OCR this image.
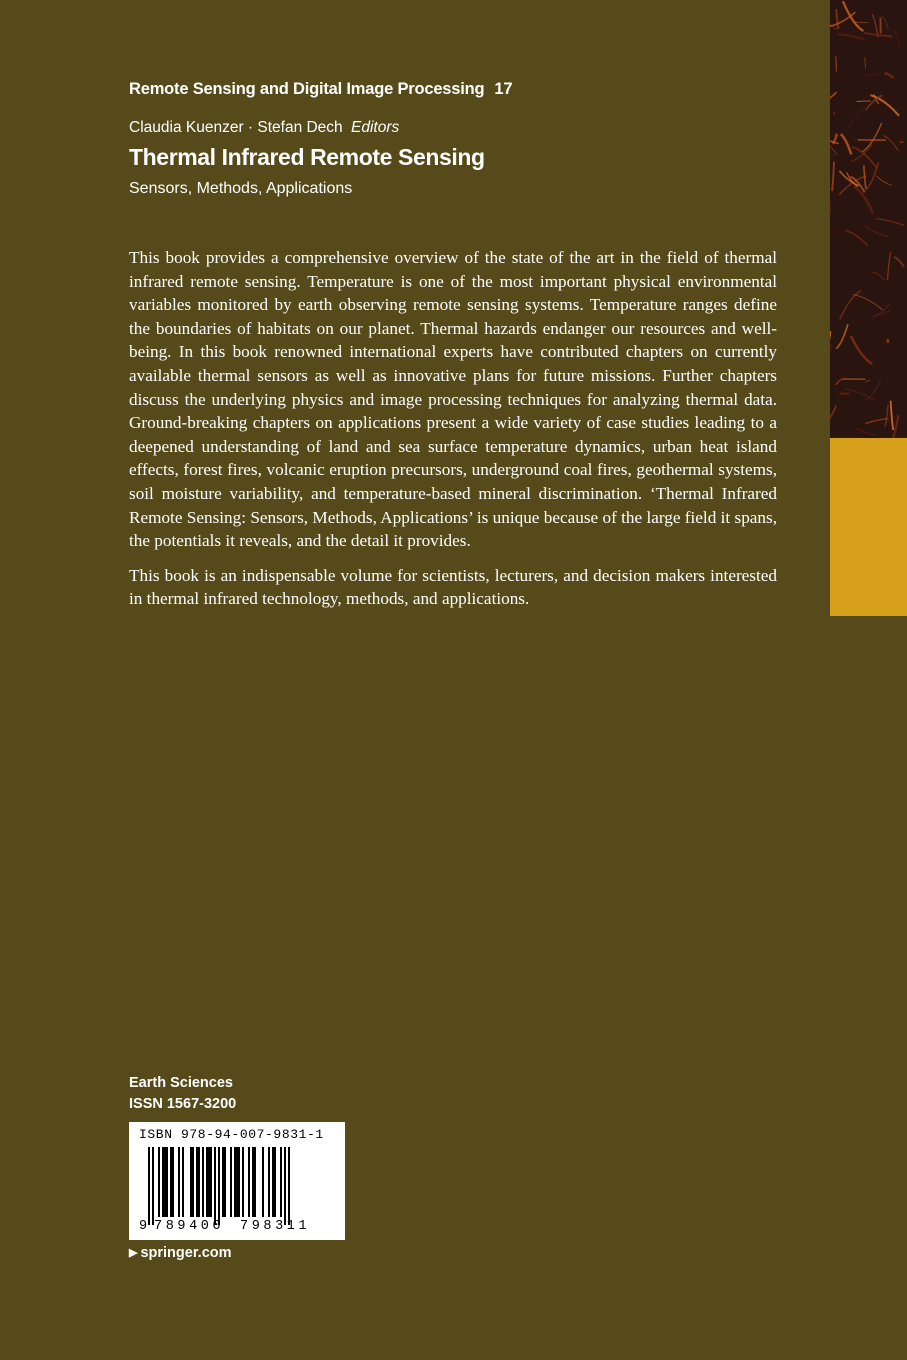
Remote Sensing and Digital Image Processing 17
Claudia Kuenzer · Stefan Dech Editors
Thermal Infrared Remote Sensing
Sensors, Methods, Applications

This book provides a comprehensive overview of the state of the art in the field of thermal infrared remote sensing. Temperature is one of the most important physical environmental variables monitored by earth observing remote sensing systems. Temperature ranges define the boundaries of habitats on our planet. Thermal hazards endanger our resources and well-being. In this book renowned international experts have contributed chapters on currently available thermal sensors as well as innovative plans for future missions. Further chapters discuss the underlying physics and image processing techniques for analyzing thermal data. Ground-breaking chapters on applications present a wide variety of case studies leading to a deepened understanding of land and sea surface temperature dynamics, urban heat island effects, forest fires, volcanic eruption precursors, underground coal fires, geothermal systems, soil moisture variability, and temperature-based mineral discrimination. ‘Thermal Infrared Remote Sensing: Sensors, Methods, Applications’ is unique because of the large field it spans, the potentials it reveals, and the detail it provides.

This book is an indispensable volume for scientists, lecturers, and decision makers interested in thermal infrared technology, methods, and applications.

Earth Sciences
ISSN 1567-3200
ISBN 978-94-007-9831-1
9 789400 798311
▶ springer.com
